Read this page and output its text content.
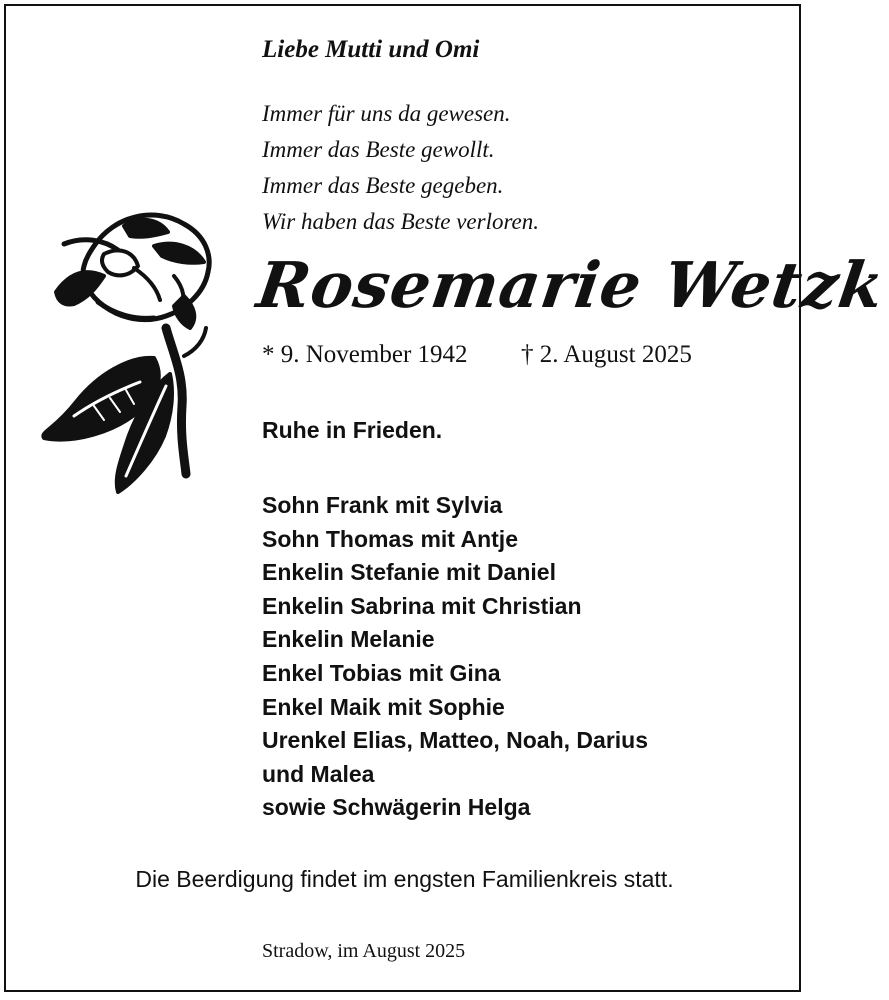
Liebe Mutti und Omi
Immer für uns da gewesen.
Immer das Beste gewollt.
Immer das Beste gegeben.
Wir haben das Beste verloren.
Rosemarie Wetzk
* 9. November 1942 † 2. August 2025
Ruhe in Frieden.
Sohn Frank mit Sylvia
Sohn Thomas mit Antje
Enkelin Stefanie mit Daniel
Enkelin Sabrina mit Christian
Enkelin Melanie
Enkel Tobias mit Gina
Enkel Maik mit Sophie
Urenkel Elias, Matteo, Noah, Darius
und Malea
sowie Schwägerin Helga
Die Beerdigung findet im engsten Familienkreis statt.
Stradow, im August 2025
